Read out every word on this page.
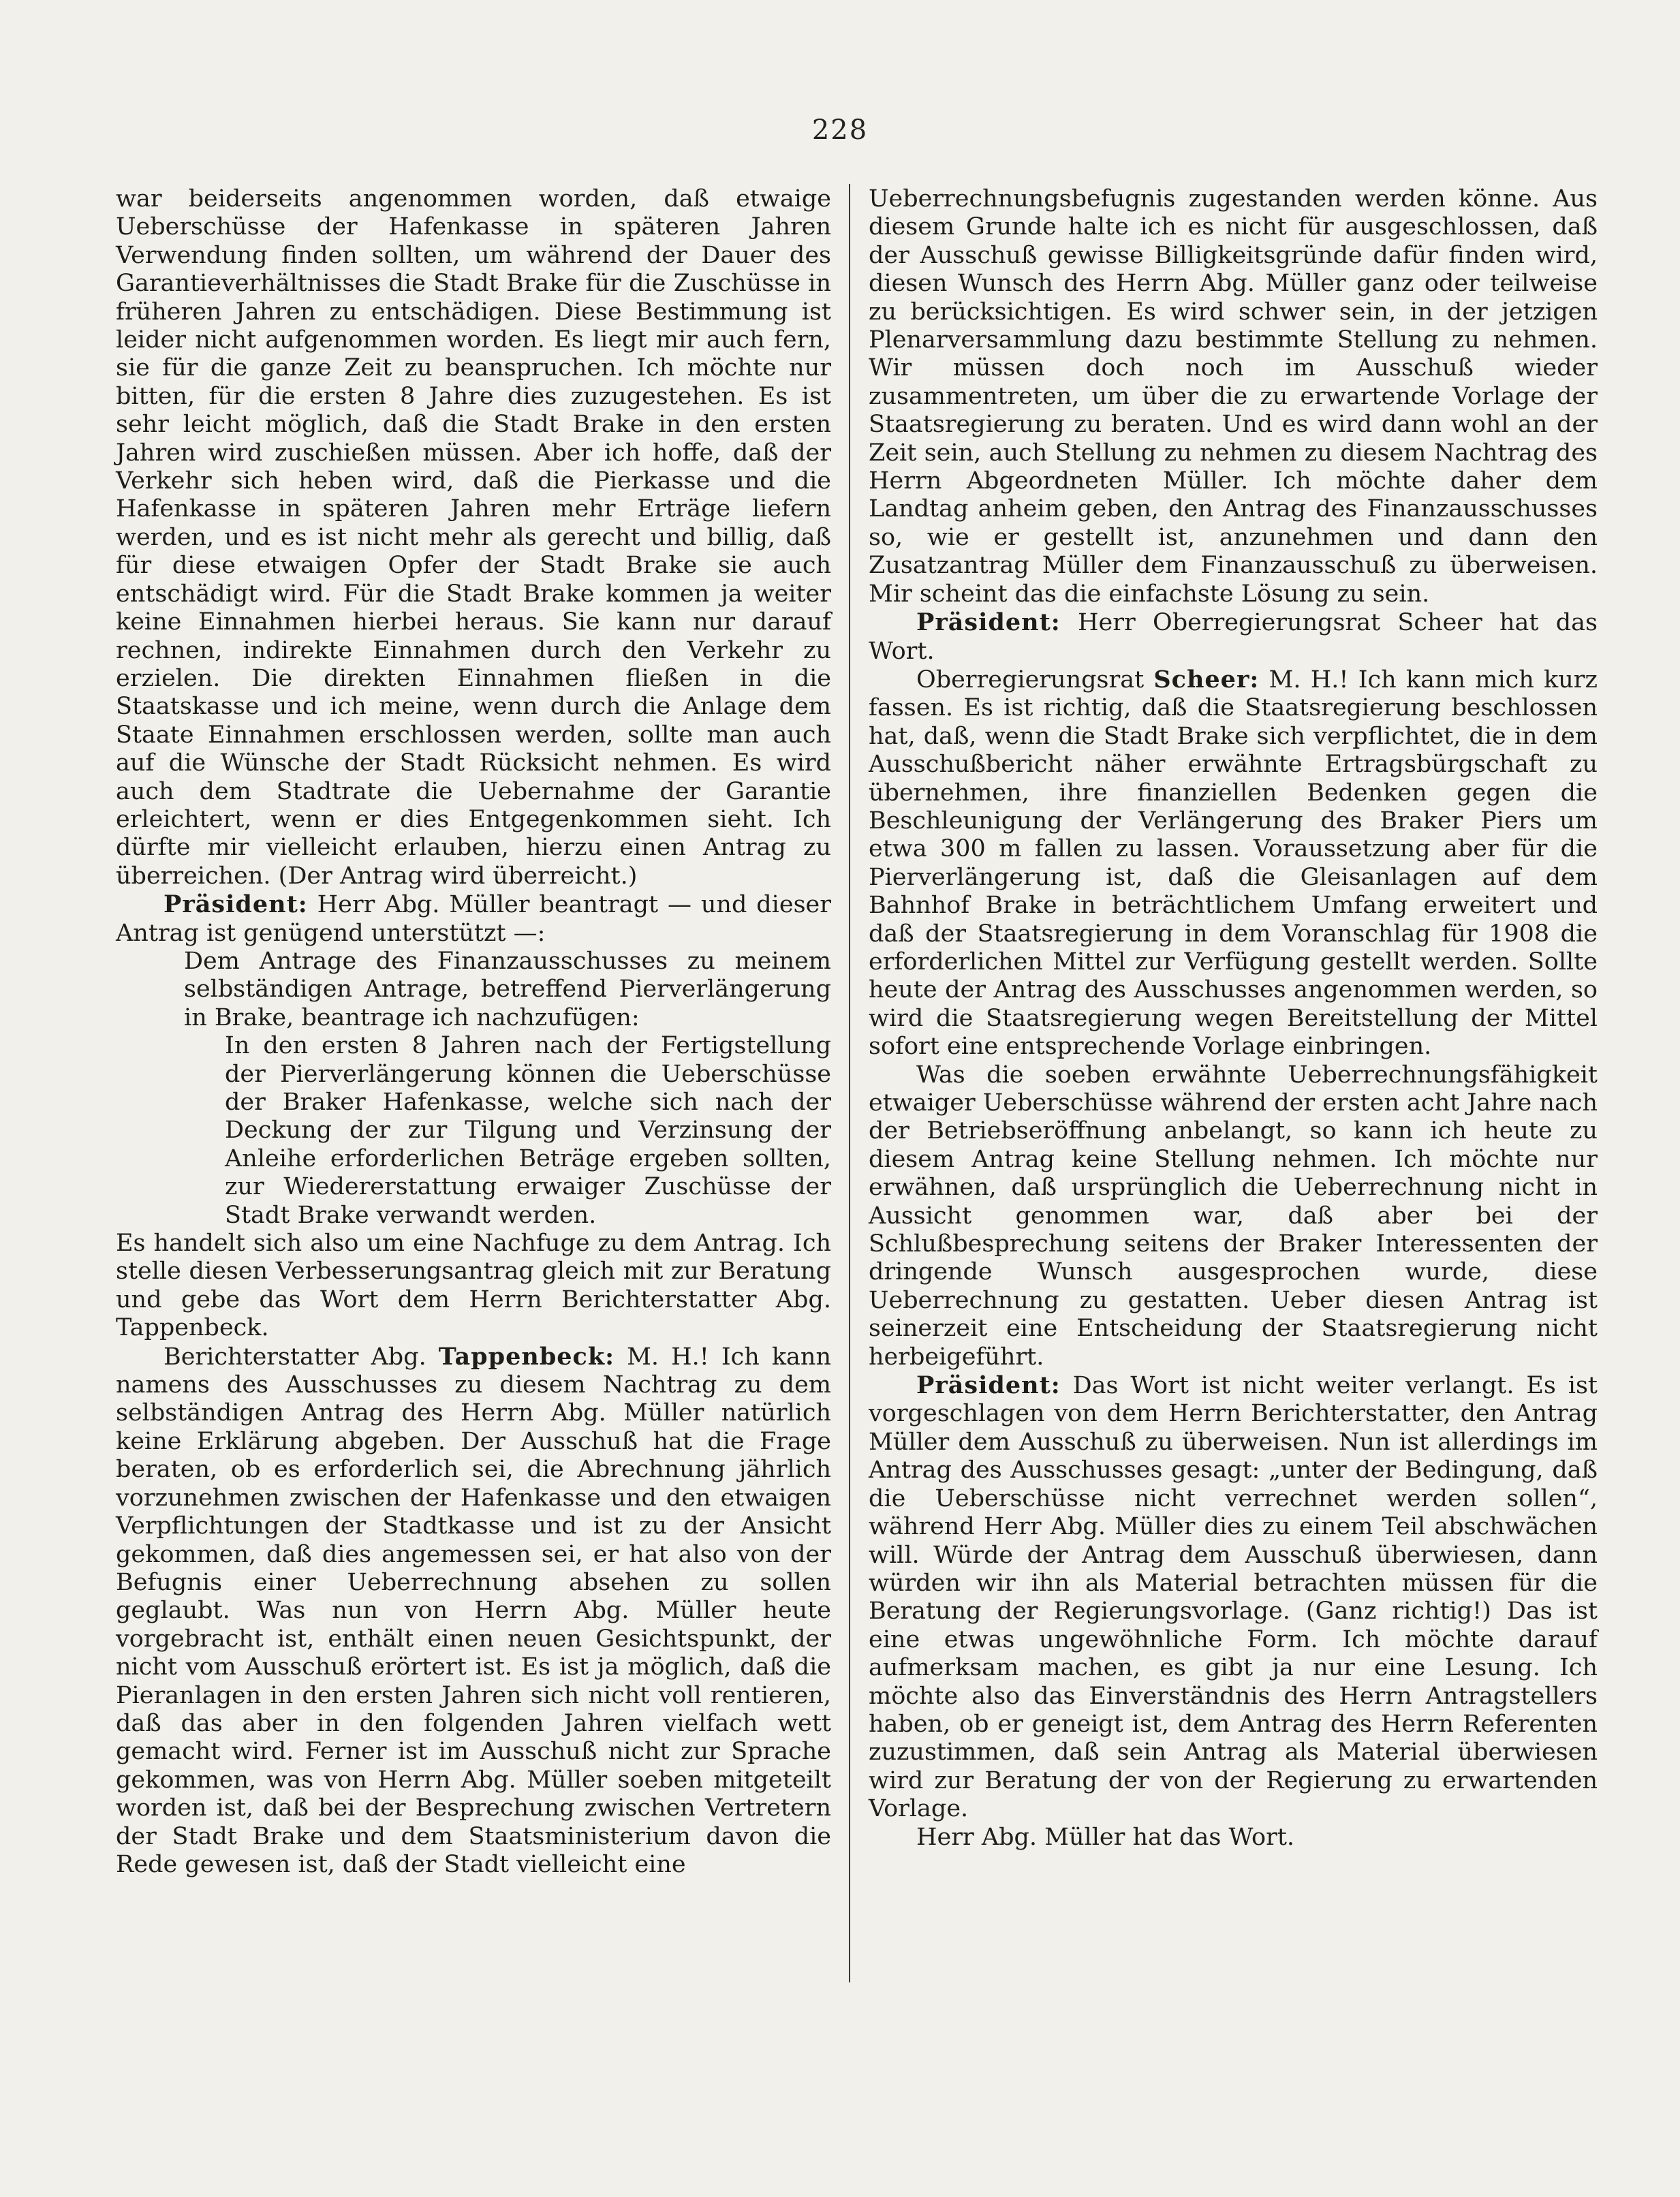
228

war beiderseits angenommen worden, daß etwaige Ueberschüsse der Hafenkasse in späteren Jahren Verwendung finden sollten, um während der Dauer des Garantieverhältnisses die Stadt Brake für die Zuschüsse in früheren Jahren zu entschädigen. Diese Bestimmung ist leider nicht aufgenommen worden. Es liegt mir auch fern, sie für die ganze Zeit zu beanspruchen. Ich möchte nur bitten, für die ersten 8 Jahre dies zuzugestehen. Es ist sehr leicht möglich, daß die Stadt Brake in den ersten Jahren wird zuschießen müssen. Aber ich hoffe, daß der Verkehr sich heben wird, daß die Pierkasse und die Hafenkasse in späteren Jahren mehr Erträge liefern werden, und es ist nicht mehr als gerecht und billig, daß für diese etwaigen Opfer der Stadt Brake sie auch entschädigt wird. Für die Stadt Brake kommen ja weiter keine Einnahmen hierbei heraus. Sie kann nur darauf rechnen, indirekte Einnahmen durch den Verkehr zu erzielen. Die direkten Einnahmen fließen in die Staatskasse und ich meine, wenn durch die Anlage dem Staate Einnahmen erschlossen werden, sollte man auch auf die Wünsche der Stadt Rücksicht nehmen. Es wird auch dem Stadtrate die Uebernahme der Garantie erleichtert, wenn er dies Entgegenkommen sieht. Ich dürfte mir vielleicht erlauben, hierzu einen Antrag zu überreichen. (Der Antrag wird überreicht.)

Präsident: Herr Abg. Müller beantragt — und dieser Antrag ist genügend unterstützt —:

Dem Antrage des Finanzausschusses zu meinem selbständigen Antrage, betreffend Pierverlängerung in Brake, beantrage ich nachzufügen:

In den ersten 8 Jahren nach der Fertigstellung der Pierverlängerung können die Ueberschüsse der Braker Hafenkasse, welche sich nach der Deckung der zur Tilgung und Verzinsung der Anleihe erforderlichen Beträge ergeben sollten, zur Wiedererstattung erwaiger Zuschüsse der Stadt Brake verwandt werden.

Es handelt sich also um eine Nachfuge zu dem Antrag. Ich stelle diesen Verbesserungsantrag gleich mit zur Beratung und gebe das Wort dem Herrn Berichterstatter Abg. Tappenbeck.

Berichterstatter Abg. Tappenbeck: M. H.! Ich kann namens des Ausschusses zu diesem Nachtrag zu dem selbständigen Antrag des Herrn Abg. Müller natürlich keine Erklärung abgeben. Der Ausschuß hat die Frage beraten, ob es erforderlich sei, die Abrechnung jährlich vorzunehmen zwischen der Hafenkasse und den etwaigen Verpflichtungen der Stadtkasse und ist zu der Ansicht gekommen, daß dies angemessen sei, er hat also von der Befugnis einer Ueberrechnung absehen zu sollen geglaubt. Was nun von Herrn Abg. Müller heute vorgebracht ist, enthält einen neuen Gesichtspunkt, der nicht vom Ausschuß erörtert ist. Es ist ja möglich, daß die Pieranlagen in den ersten Jahren sich nicht voll rentieren, daß das aber in den folgenden Jahren vielfach wett gemacht wird. Ferner ist im Ausschuß nicht zur Sprache gekommen, was von Herrn Abg. Müller soeben mitgeteilt worden ist, daß bei der Besprechung zwischen Vertretern der Stadt Brake und dem Staatsministerium davon die Rede gewesen ist, daß der Stadt vielleicht eine

Ueberrechnungsbefugnis zugestanden werden könne. Aus diesem Grunde halte ich es nicht für ausgeschlossen, daß der Ausschuß gewisse Billigkeitsgründe dafür finden wird, diesen Wunsch des Herrn Abg. Müller ganz oder teilweise zu berücksichtigen. Es wird schwer sein, in der jetzigen Plenarversammlung dazu bestimmte Stellung zu nehmen. Wir müssen doch noch im Ausschuß wieder zusammentreten, um über die zu erwartende Vorlage der Staatsregierung zu beraten. Und es wird dann wohl an der Zeit sein, auch Stellung zu nehmen zu diesem Nachtrag des Herrn Abgeordneten Müller. Ich möchte daher dem Landtag anheim geben, den Antrag des Finanzausschusses so, wie er gestellt ist, anzunehmen und dann den Zusatzantrag Müller dem Finanzausschuß zu überweisen. Mir scheint das die einfachste Lösung zu sein.

Präsident: Herr Oberregierungsrat Scheer hat das Wort.

Oberregierungsrat Scheer: M. H.! Ich kann mich kurz fassen. Es ist richtig, daß die Staatsregierung beschlossen hat, daß, wenn die Stadt Brake sich verpflichtet, die in dem Ausschußbericht näher erwähnte Ertragsbürgschaft zu übernehmen, ihre finanziellen Bedenken gegen die Beschleunigung der Verlängerung des Braker Piers um etwa 300 m fallen zu lassen. Voraussetzung aber für die Pierverlängerung ist, daß die Gleisanlagen auf dem Bahnhof Brake in beträchtlichem Umfang erweitert und daß der Staatsregierung in dem Voranschlag für 1908 die erforderlichen Mittel zur Verfügung gestellt werden. Sollte heute der Antrag des Ausschusses angenommen werden, so wird die Staatsregierung wegen Bereitstellung der Mittel sofort eine entsprechende Vorlage einbringen.

Was die soeben erwähnte Ueberrechnungsfähigkeit etwaiger Ueberschüsse während der ersten acht Jahre nach der Betriebseröffnung anbelangt, so kann ich heute zu diesem Antrag keine Stellung nehmen. Ich möchte nur erwähnen, daß ursprünglich die Ueberrechnung nicht in Aussicht genommen war, daß aber bei der Schlußbesprechung seitens der Braker Interessenten der dringende Wunsch ausgesprochen wurde, diese Ueberrechnung zu gestatten. Ueber diesen Antrag ist seinerzeit eine Entscheidung der Staatsregierung nicht herbeigeführt.

Präsident: Das Wort ist nicht weiter verlangt. Es ist vorgeschlagen von dem Herrn Berichterstatter, den Antrag Müller dem Ausschuß zu überweisen. Nun ist allerdings im Antrag des Ausschusses gesagt: „unter der Bedingung, daß die Ueberschüsse nicht verrechnet werden sollen“, während Herr Abg. Müller dies zu einem Teil abschwächen will. Würde der Antrag dem Ausschuß überwiesen, dann würden wir ihn als Material betrachten müssen für die Beratung der Regierungsvorlage. (Ganz richtig!) Das ist eine etwas ungewöhnliche Form. Ich möchte darauf aufmerksam machen, es gibt ja nur eine Lesung. Ich möchte also das Einverständnis des Herrn Antragstellers haben, ob er geneigt ist, dem Antrag des Herrn Referenten zuzustimmen, daß sein Antrag als Material überwiesen wird zur Beratung der von der Regierung zu erwartenden Vorlage.

Herr Abg. Müller hat das Wort.
